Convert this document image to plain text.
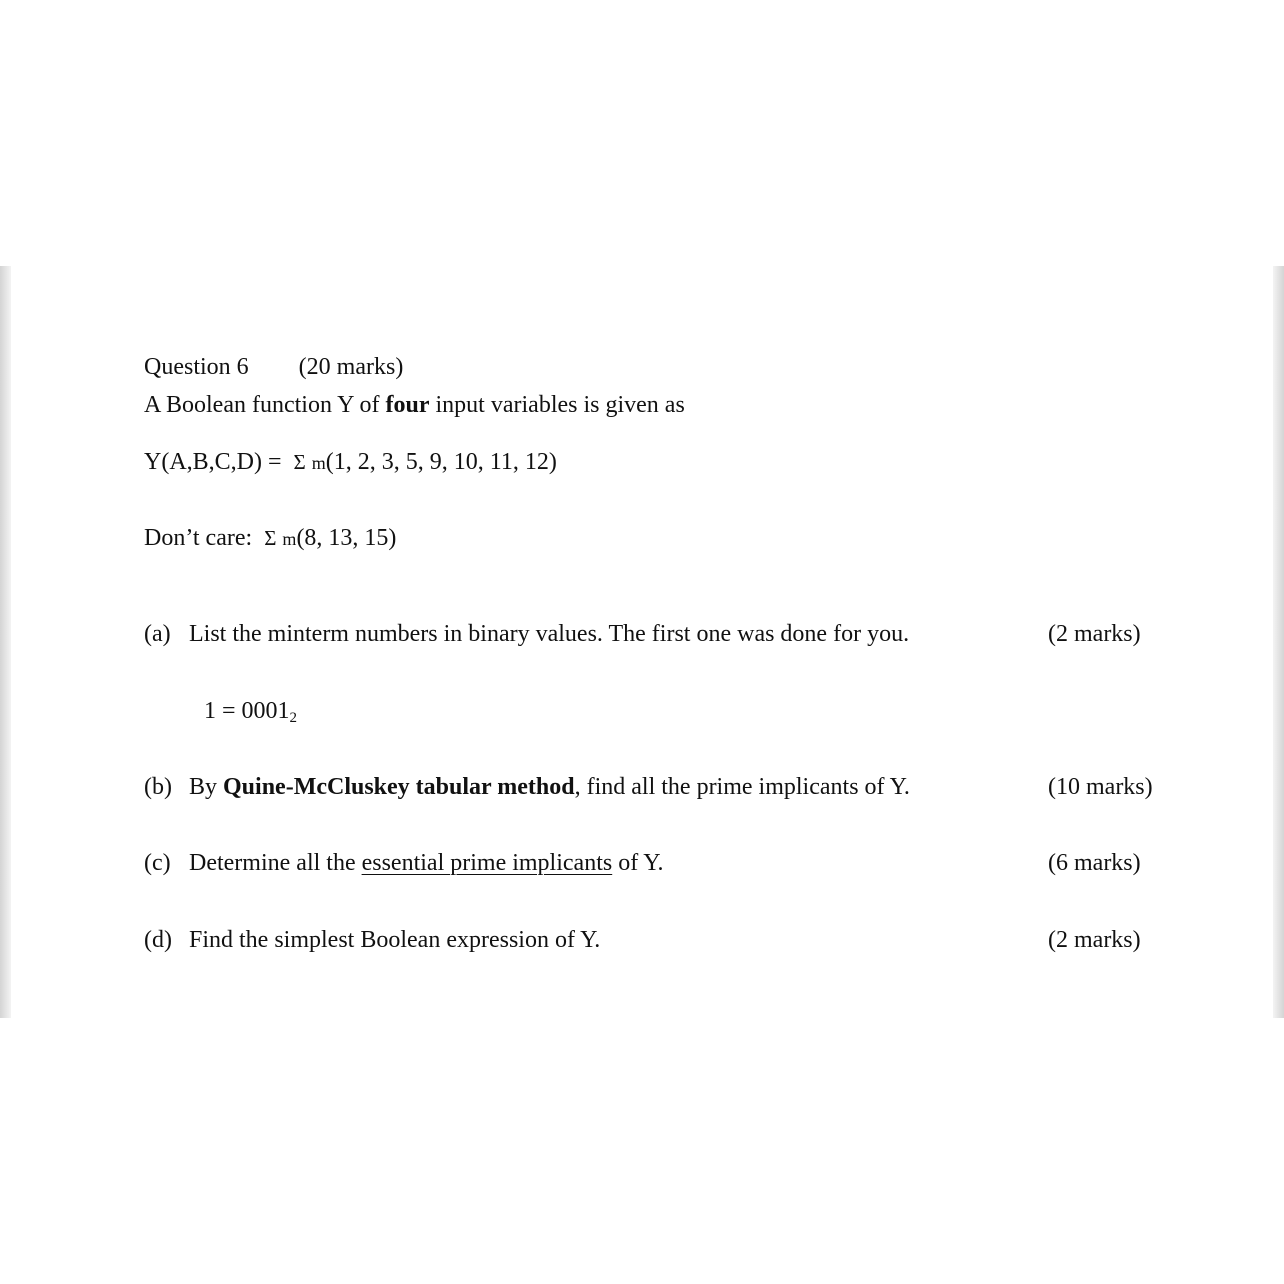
Question 6 (20 marks)
A Boolean function Y of four input variables is given as
Y(A,B,C,D) = Σ m(1, 2, 3, 5, 9, 10, 11, 12)
Don’t care: Σ m(8, 13, 15)
(a) List the minterm numbers in binary values. The first one was done for you.	(2 marks)
$1 = 0001_2$
(b) By Quine-McCluskey tabular method, find all the prime implicants of Y.	(10 marks)
(c) Determine all the essential prime implicants of Y.	(6 marks)
(d) Find the simplest Boolean expression of Y.	(2 marks)
